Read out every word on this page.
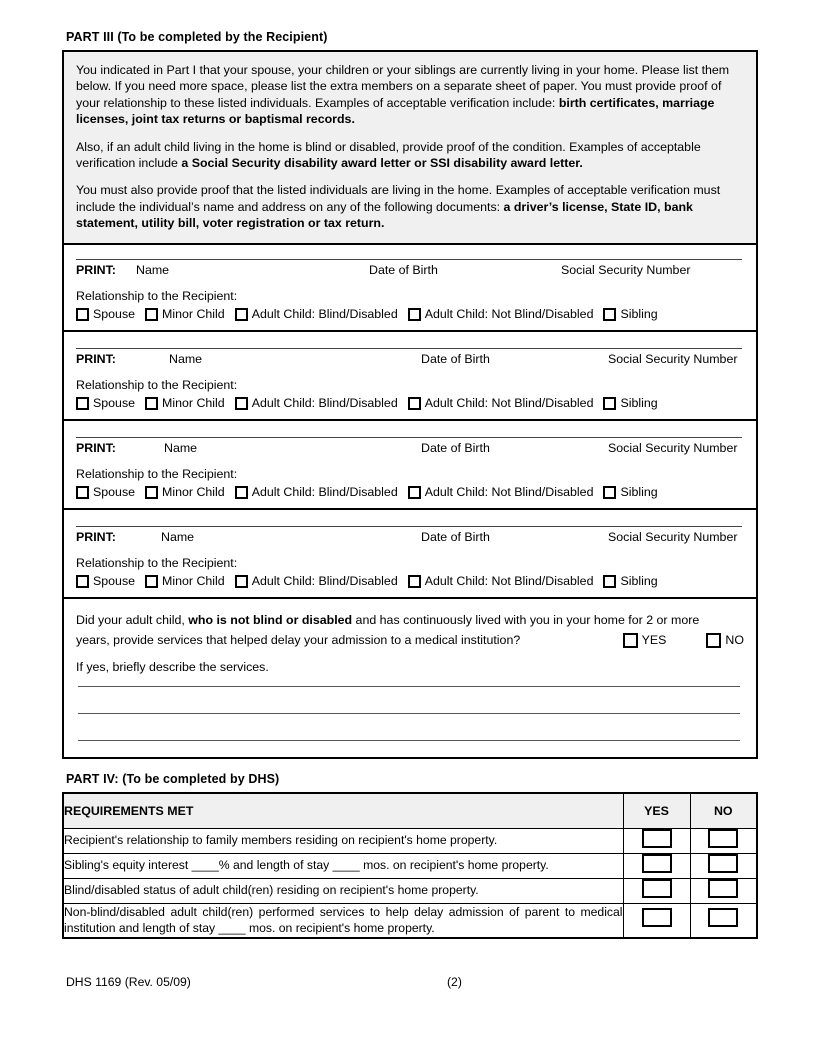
PART III (To be completed by the Recipient)

You indicated in Part I that your spouse, your children or your siblings are currently living in your home. Please list them below. If you need more space, please list the extra members on a separate sheet of paper. You must provide proof of your relationship to these listed individuals. Examples of acceptable verification include: birth certificates, marriage licenses, joint tax returns or baptismal records.

Also, if an adult child living in the home is blind or disabled, provide proof of the condition. Examples of acceptable verification include a Social Security disability award letter or SSI disability award letter.

You must also provide proof that the listed individuals are living in the home. Examples of acceptable verification must include the individual’s name and address on any of the following documents: a driver’s license, State ID, bank statement, utility bill, voter registration or tax return.

PRINT: Name	Date of Birth	Social Security Number
Relationship to the Recipient:
Spouse Minor Child Adult Child: Blind/Disabled Adult Child: Not Blind/Disabled Sibling
PRINT:	Name	Date of Birth	Social Security Number
Relationship to the Recipient:
Spouse Minor Child Adult Child: Blind/Disabled Adult Child: Not Blind/Disabled Sibling
PRINT:	Name	Date of Birth	Social Security Number
Relationship to the Recipient:
Spouse Minor Child Adult Child: Blind/Disabled Adult Child: Not Blind/Disabled Sibling
PRINT:	Name	Date of Birth	Social Security Number
Relationship to the Recipient:
Spouse Minor Child Adult Child: Blind/Disabled Adult Child: Not Blind/Disabled Sibling
Did your adult child, who is not blind or disabled and has continuously lived with you in your home for 2 or more
years, provide services that helped delay your admission to a medical institution?	YES	NO
If yes, briefly describe the services.
PART IV: (To be completed by DHS)
REQUIREMENTS MET	YES	NO
Recipient's relationship to family members residing on recipient's home property.		
Sibling's equity interest ____% and length of stay ____ mos. on recipient's home property.		
Blind/disabled status of adult child(ren) residing on recipient's home property.		
Non-blind/disabled adult child(ren) performed services to help delay admission of parent to medical institution and length of stay ____ mos. on recipient's home property.		
DHS 1169 (Rev. 05/09)	(2)
